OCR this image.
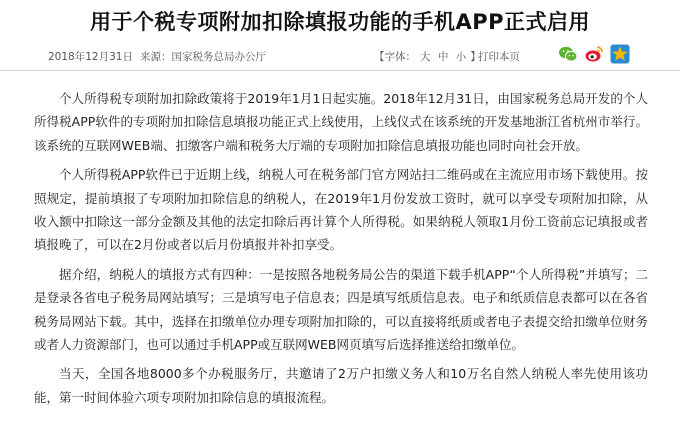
用于个税专项附加扣除填报功能的手机APP正式启用
2018年12月31日 来源：国家税务总局办公厅	【字体： 大 中 小 】
打印本页

个人所得税专项附加扣除政策将于2019年1月1日起实施。2018年12月31日，由国家税务总局开发的个人所得税APP软件的专项附加扣除信息填报功能正式上线使用，上线仪式在该系统的开发基地浙江省杭州市举行。该系统的互联网WEB端、扣缴客户端和税务大厅端的专项附加扣除信息填报功能也同时向社会开放。

个人所得税APP软件已于近期上线，纳税人可在税务部门官方网站扫二维码或在主流应用市场下载使用。按照规定，提前填报了专项附加扣除信息的纳税人，在2019年1月份发放工资时，就可以享受专项附加扣除，从收入额中扣除这一部分金额及其他的法定扣除后再计算个人所得税。如果纳税人领取1月份工资前忘记填报或者填报晚了，可以在2月份或者以后月份填报并补扣享受。

据介绍，纳税人的填报方式有四种：一是按照各地税务局公告的渠道下载手机APP“个人所得税”并填写；二是登录各省电子税务局网站填写；三是填写电子信息表；四是填写纸质信息表。电子和纸质信息表都可以在各省税务局网站下载。其中，选择在扣缴单位办理专项附加扣除的，可以直接将纸质或者电子表提交给扣缴单位财务或者人力资源部门，也可以通过手机APP或互联网WEB网页填写后选择推送给扣缴单位。

当天，全国各地8000多个办税服务厅，共邀请了2万户扣缴义务人和10万名自然人纳税人率先使用该功能，第一时间体验六项专项附加扣除信息的填报流程。
